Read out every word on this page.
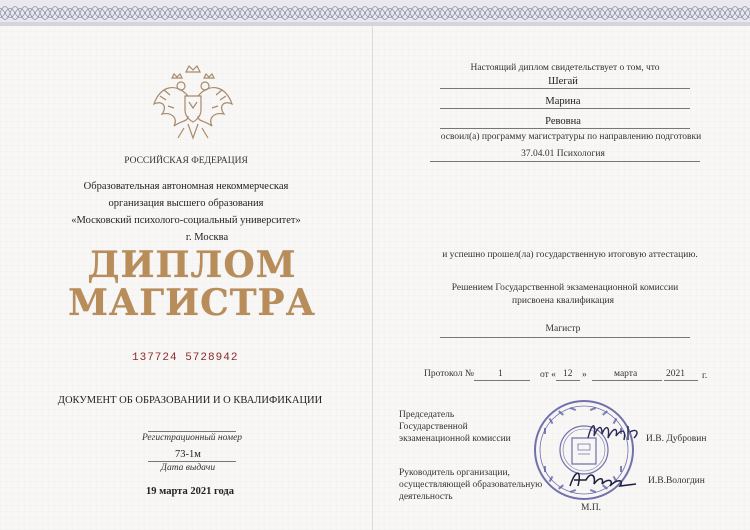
РОССИЙСКАЯ ФЕДЕРАЦИЯ
Образовательная автономная некоммерческая
организация высшего образования
«Московский психолого-социальный университет»
г. Москва
ДИПЛОМ
МАГИСТРА
137724 5728942
ДОКУМЕНТ ОБ ОБРАЗОВАНИИ И О КВАЛИФИКАЦИИ
Регистрационный номер
73-1м
Дата выдачи
19 марта 2021 года
Настоящий диплом свидетельствует о том, что
Шегай
Марина
Ревовна
освоил(а) программу магистратуры по направлению подготовки
37.04.01 Психология
и успешно прошел(ла) государственную итоговую аттестацию.
Решением Государственной экзаменационной комиссии
присвоена квалификация
Магистр
Протокол №	1	от « 12 »	марта	2021 г.
Председатель
Государственной
экзаменационной комиссии	И.В. Дубровин
Руководитель организации,
осуществляющей образовательную
деятельность
И.В.Вологдин
М.П.
